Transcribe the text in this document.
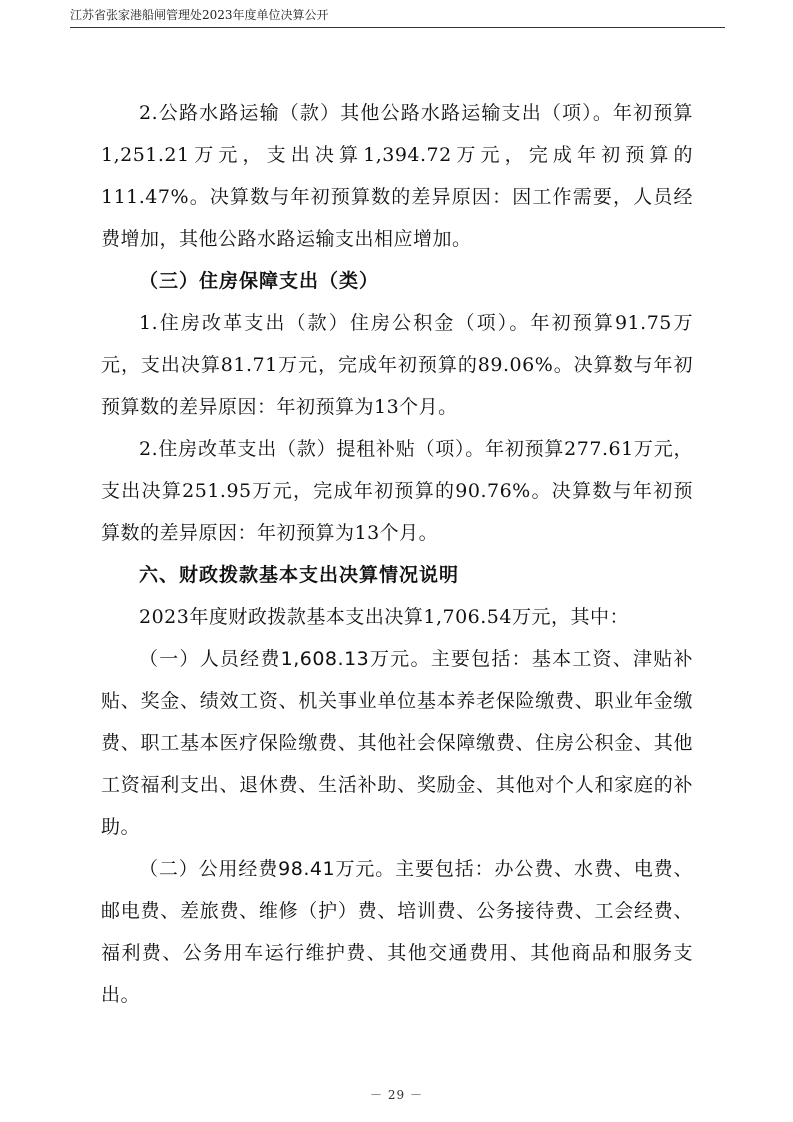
江苏省张家港船闸管理处2023年度单位决算公开

2.公路水路运输（款）其他公路水路运输支出（项）。年初预算1,251.21万元，支出决算1,394.72万元，完成年初预算的111.47%。决算数与年初预算数的差异原因：因工作需要，人员经费增加，其他公路水路运输支出相应增加。

（三）住房保障支出（类）

1.住房改革支出（款）住房公积金（项）。年初预算91.75万元，支出决算81.71万元，完成年初预算的89.06%。决算数与年初预算数的差异原因：年初预算为13个月。

2.住房改革支出（款）提租补贴（项）。年初预算277.61万元，支出决算251.95万元，完成年初预算的90.76%。决算数与年初预算数的差异原因：年初预算为13个月。

六、财政拨款基本支出决算情况说明

2023年度财政拨款基本支出决算1,706.54万元，其中：

（一）人员经费1,608.13万元。主要包括：基本工资、津贴补贴、奖金、绩效工资、机关事业单位基本养老保险缴费、职业年金缴费、职工基本医疗保险缴费、其他社会保障缴费、住房公积金、其他工资福利支出、退休费、生活补助、奖励金、其他对个人和家庭的补助。

（二）公用经费98.41万元。主要包括：办公费、水费、电费、邮电费、差旅费、维修（护）费、培训费、公务接待费、工会经费、福利费、公务用车运行维护费、其他交通费用、其他商品和服务支出。

－ 29 －
